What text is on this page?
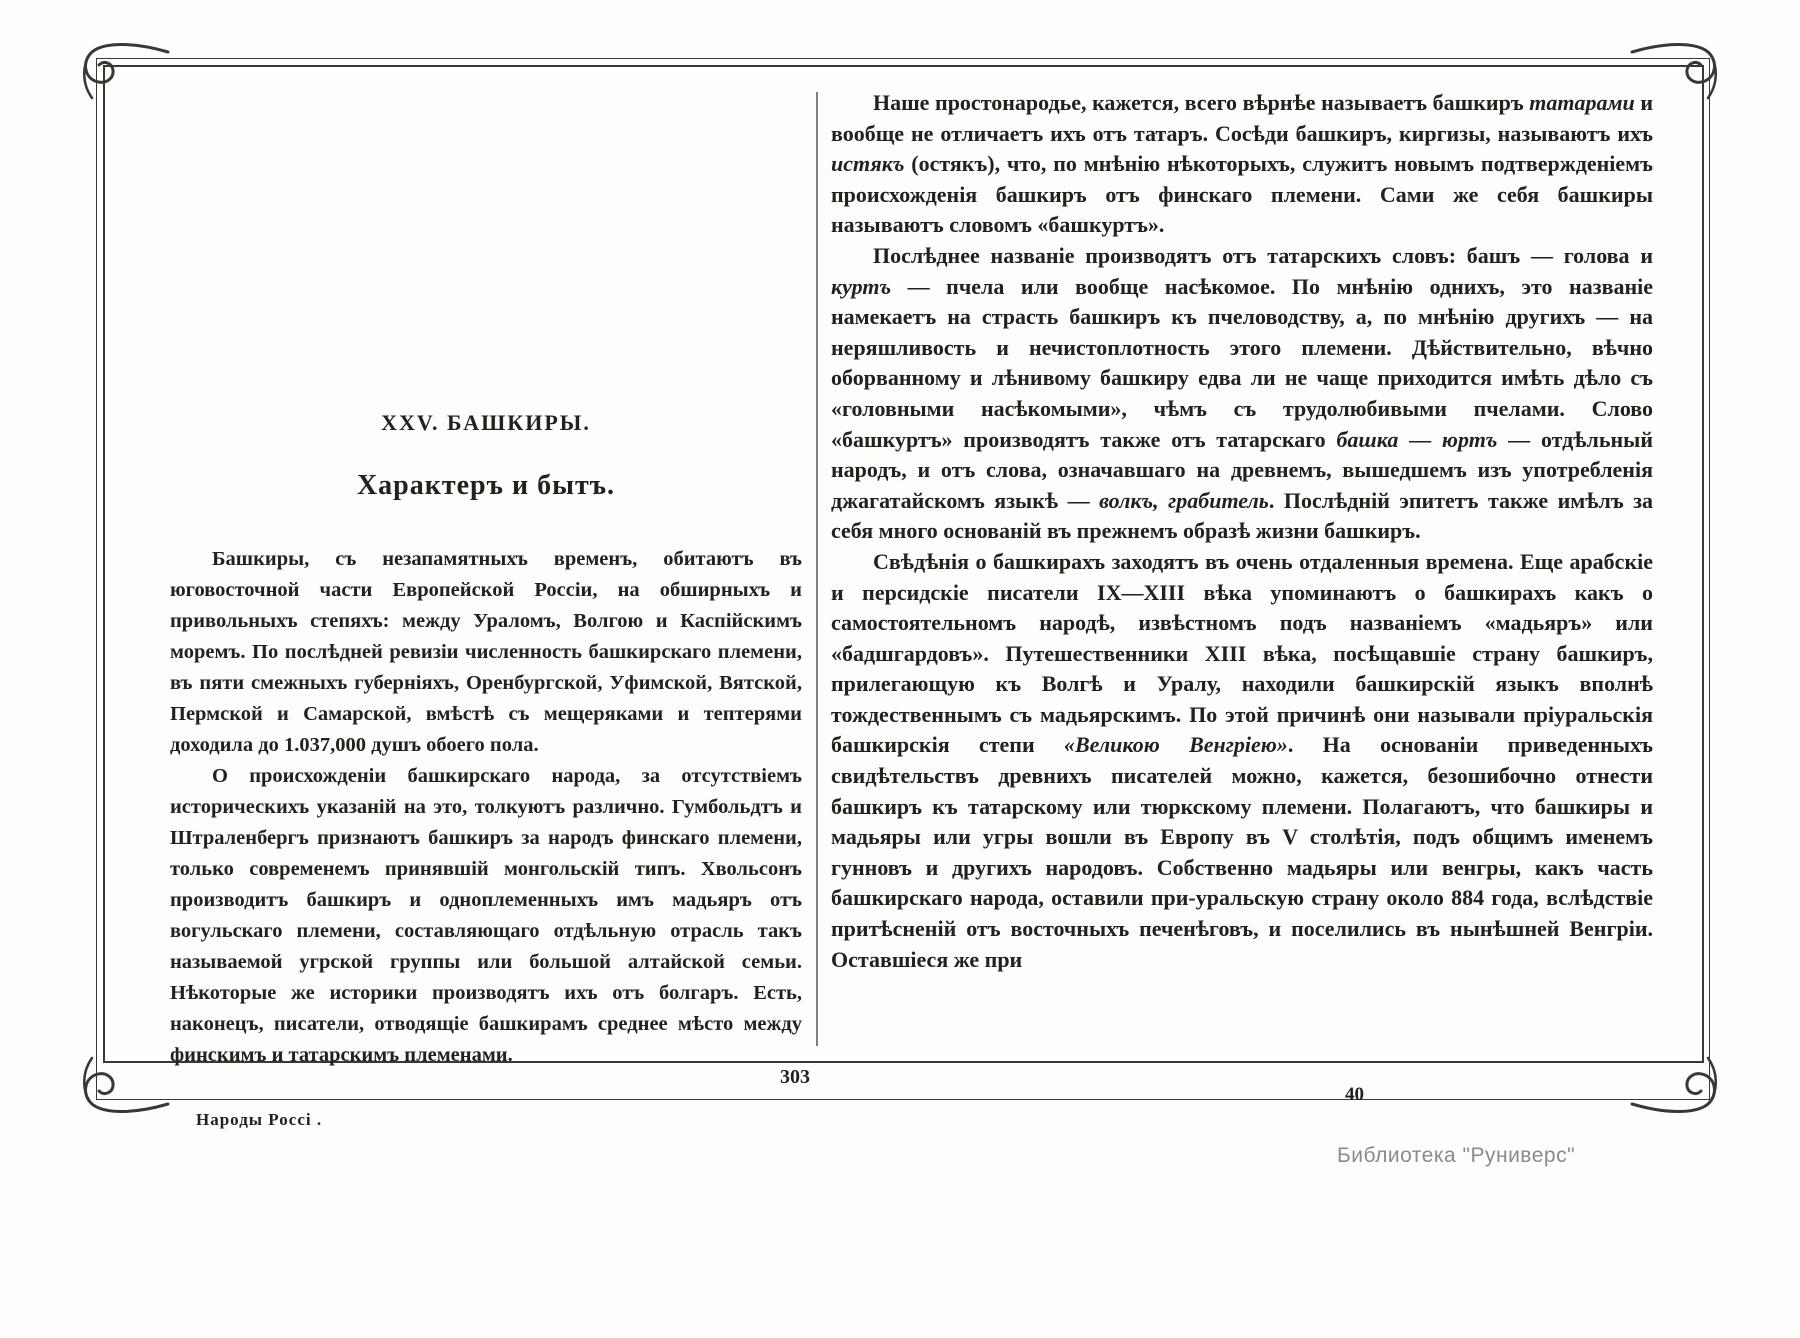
XXV. БАШКИРЫ.
Характеръ и бытъ.

Башкиры, съ незапамятныхъ временъ, обитаютъ въ юговосточной части Европейской Россіи, на обширныхъ и привольныхъ степяхъ: между Ураломъ, Волгою и Каспійскимъ моремъ. По послѣдней ревизіи численность башкирскаго племени, въ пяти смежныхъ губерніяхъ, Оренбургской, Уфимской, Вятской, Пермской и Самарской, вмѣстѣ съ мещеряками и тептерями доходила до 1.037,000 душъ обоего пола.

О происхожденіи башкирскаго народа, за отсутствіемъ историческихъ указаній на это, толкуютъ различно. Гумбольдтъ и Штраленбергъ признаютъ башкиръ за народъ финскаго племени, только современемъ принявшій монгольскій типъ. Хвольсонъ производитъ башкиръ и одноплеменныхъ имъ мадьяръ отъ вогульскаго племени, составляющаго отдѣльную отрасль такъ называемой угрской группы или большой алтайской семьи. Нѣкоторые же историки производятъ ихъ отъ болгаръ. Есть, наконецъ, писатели, отводящіе башкирамъ среднее мѣсто между финскимъ и татарскимъ племенами.

Наше простонародье, кажется, всего вѣрнѣе называетъ башкиръ татарами и вообще не отличаетъ ихъ отъ татаръ. Сосѣди башкиръ, киргизы, называютъ ихъ истякъ (остякъ), что, по мнѣнію нѣкоторыхъ, служитъ новымъ подтвержденіемъ происхожденія башкиръ отъ финскаго племени. Сами же себя башкиры называютъ словомъ «башкуртъ».

Послѣднее названіе производятъ отъ татарскихъ словъ: башъ — голова и куртъ — пчела или вообще насѣкомое. По мнѣнію однихъ, это названіе намекаетъ на страсть башкиръ къ пчеловодству, а, по мнѣнію другихъ — на неряшливость и нечистоплотность этого племени. Дѣйствительно, вѣчно оборванному и лѣнивому башкиру едва ли не чаще приходится имѣть дѣло съ «головными насѣкомыми», чѣмъ съ трудолюбивыми пчелами. Слово «башкуртъ» производятъ также отъ татарскаго башка — юртъ — отдѣльный народъ, и отъ слова, означавшаго на древнемъ, вышедшемъ изъ употребленія джагатайскомъ языкѣ — волкъ, грабитель. Послѣдній эпитетъ также имѣлъ за себя много основаній въ прежнемъ образѣ жизни башкиръ.

Свѣдѣнія о башкирахъ заходятъ въ очень отдаленныя времена. Еще арабскіе и персидскіе писатели IX—XIII вѣка упоминаютъ о башкирахъ какъ о самостоятельномъ народѣ, извѣстномъ подъ названіемъ «мадьяръ» или «бадшгардовъ». Путешественники XIII вѣка, посѣщавшіе страну башкиръ, прилегающую къ Волгѣ и Уралу, находили башкирскій языкъ вполнѣ тождественнымъ съ мадьярскимъ. По этой причинѣ они называли пріуральскія башкирскія степи «Великою Венгріею». На основаніи приведенныхъ свидѣтельствъ древнихъ писателей можно, кажется, безошибочно отнести башкиръ къ татарскому или тюркскому племени. Полагаютъ, что башкиры и мадьяры или угры вошли въ Европу въ V столѣтія, подъ общимъ именемъ гунновъ и другихъ народовъ. Собственно мадьяры или венгры, какъ часть башкирскаго народа, оставили при-уральскую страну около 884 года, вслѣдствіе притѣсненій отъ восточныхъ печенѣговъ, и поселились въ нынѣшней Венгріи. Оставшіеся же при

303
Народы Россі .
40
Библиотека "Руниверс"
